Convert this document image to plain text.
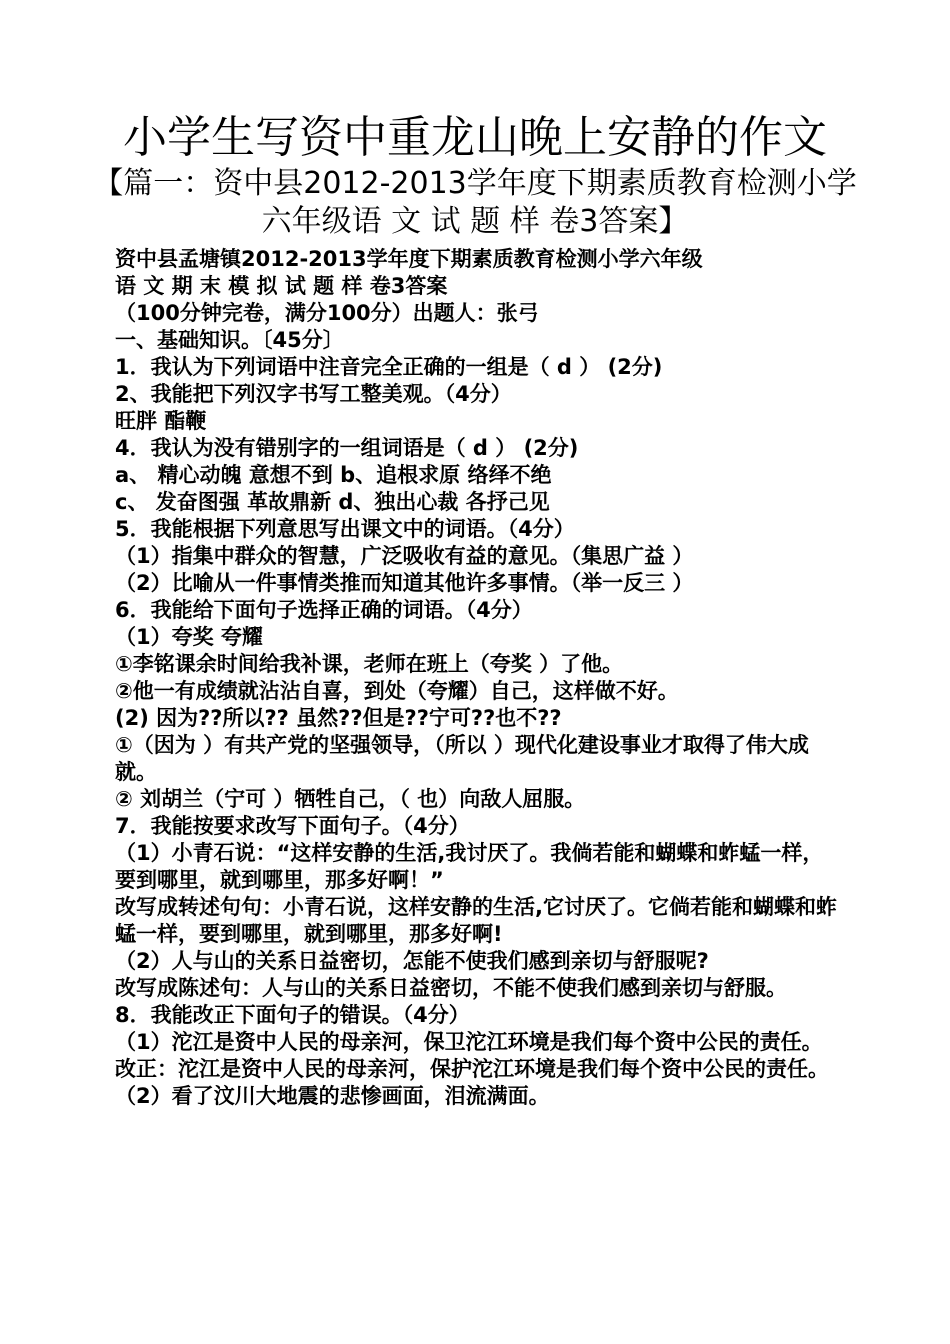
小学生写资中重龙山晚上安静的作文
【篇一：资中县2012-2013学年度下期素质教育检测小学六年级语 文 试 题 样 卷3答案】
资中县孟塘镇2012-2013学年度下期素质教育检测小学六年级
语 文 期 末 模 拟 试 题 样 卷3答案
（100分钟完卷，满分100分）出题人：张弓
一、基础知识。〔45分〕
1．我认为下列词语中注音完全正确的一组是（ d ） (2分)
2、我能把下列汉字书写工整美观。（4分）
旺胖 酯鞭
4．我认为没有错别字的一组词语是（ d ） (2分)
a、 精心动魄 意想不到 b、追根求原 络绎不绝
c、 发奋图强 革故鼎新 d、独出心裁 各抒己见
5．我能根据下列意思写出课文中的词语。（4分）
（1）指集中群众的智慧，广泛吸收有益的意见。（集思广益 ）
（2）比喻从一件事情类推而知道其他许多事情。（举一反三 ）
6．我能给下面句子选择正确的词语。（4分）
（1）夸奖 夸耀
①李铭课余时间给我补课，老师在班上（夸奖 ）了他。
②他一有成绩就沾沾自喜，到处（夸耀）自己，这样做不好。
(2) 因为??所以?? 虽然??但是??宁可??也不??
①（因为 ）有共产党的坚强领导，（所以 ）现代化建设事业才取得了伟大成就。
② 刘胡兰（宁可 ）牺牲自己，（ 也）向敌人屈服。
7．我能按要求改写下面句子。（4分）
（1）小青石说：“这样安静的生活,我讨厌了。我倘若能和蝴蝶和蚱蜢一样，要到哪里，就到哪里，那多好啊！”
改写成转述句句：小青石说，这样安静的生活,它讨厌了。它倘若能和蝴蝶和蚱蜢一样，要到哪里，就到哪里，那多好啊!
（2）人与山的关系日益密切，怎能不使我们感到亲切与舒服呢?
改写成陈述句：人与山的关系日益密切，不能不使我们感到亲切与舒服。
8．我能改正下面句子的错误。（4分）
（1）沱江是资中人民的母亲河，保卫沱江环境是我们每个资中公民的责任。
改正：沱江是资中人民的母亲河，保护沱江环境是我们每个资中公民的责任。
（2）看了汶川大地震的悲惨画面，泪流满面。
